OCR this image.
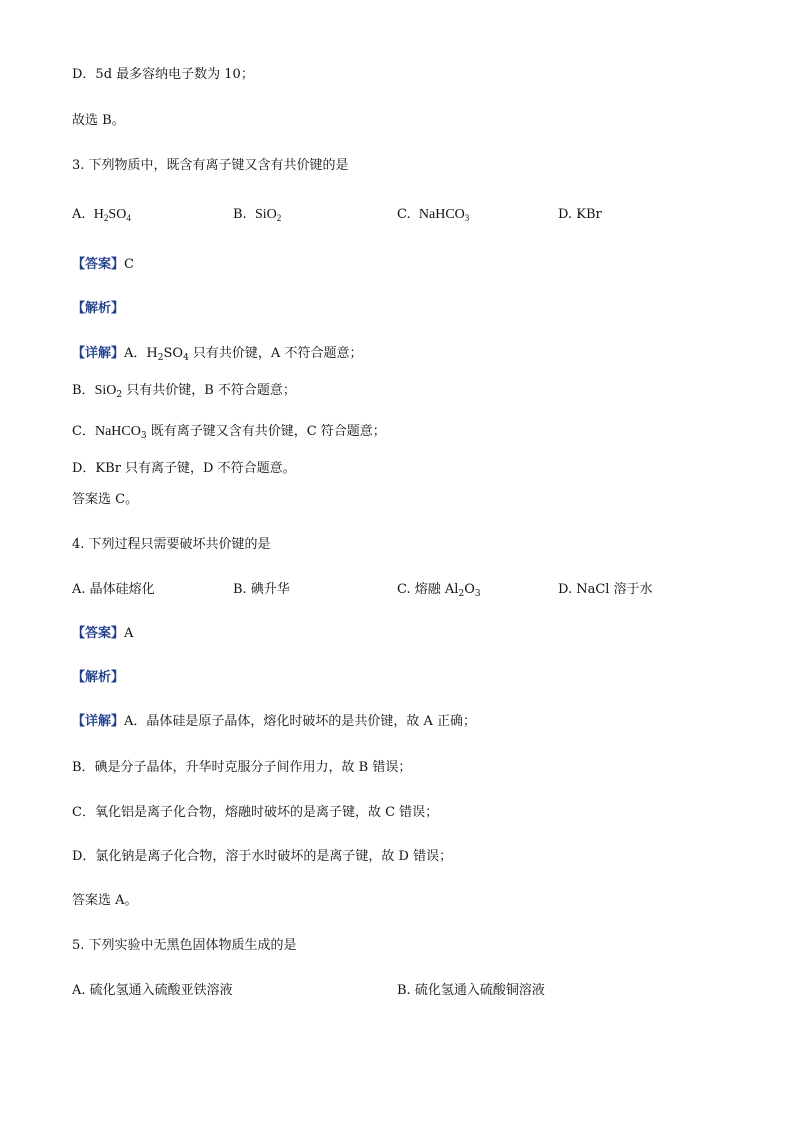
D．5d 最多容纳电子数为 10；
故选 B。
3. 下列物质中，既含有离子键又含有共价键的是
A. $H_2SO_4$	B. SiO$_2$	C. NaHCO$_3$	D. KBr
【答案】C
【解析】
【详解】A．$H_2SO_4$ 只有共价键，A 不符合题意；
B．SiO$_2$ 只有共价键，B 不符合题意；
C．NaHCO$_3$ 既有离子键又含有共价键，C 符合题意；
D．KBr 只有离子键，D 不符合题意。
答案选 C。
4. 下列过程只需要破坏共价键的是
A. 晶体硅熔化	B. 碘升华	C. 熔融 $Al_2O_3$	D. NaCl 溶于水
【答案】A
【解析】
【详解】A．晶体硅是原子晶体，熔化时破坏的是共价键，故 A 正确；
B．碘是分子晶体，升华时克服分子间作用力，故 B 错误；
C．氧化铝是离子化合物，熔融时破坏的是离子键，故 C 错误；
D．氯化钠是离子化合物，溶于水时破坏的是离子键，故 D 错误；
答案选 A。
5. 下列实验中无黑色固体物质生成的是
A. 硫化氢通入硫酸亚铁溶液	B. 硫化氢通入硫酸铜溶液
